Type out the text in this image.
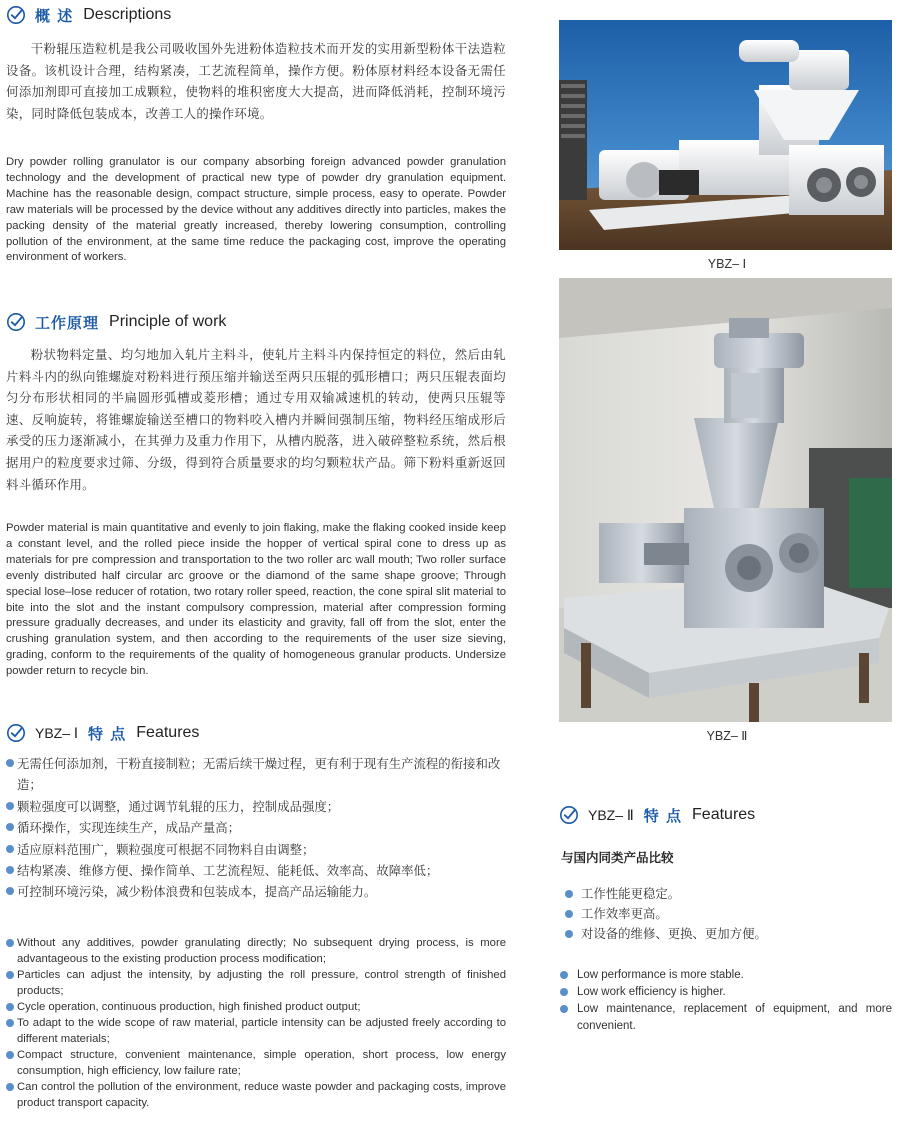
概 述 Descriptions

干粉辊压造粒机是我公司吸收国外先进粉体造粒技术而开发的实用新型粉体干法造粒设备。该机设计合理，结构紧凑，工艺流程简单，操作方便。粉体原材料经本设备无需任何添加剂即可直接加工成颗粒，使物料的堆积密度大大提高，进而降低消耗，控制环境污染，同时降低包装成本，改善工人的操作环境。

Dry powder rolling granulator is our company absorbing foreign advanced powder granulation technology and the development of practical new type of powder dry granulation equipment. Machine has the reasonable design, compact structure, simple process, easy to operate. Powder raw materials will be processed by the device without any additives directly into particles, makes the packing density of the material greatly increased, thereby lowering consumption, controlling pollution of the environment, at the same time reduce the packaging cost, improve the operating environment of workers.

工作原理 Principle of work

粉状物料定量、均匀地加入轧片主料斗，使轧片主料斗内保持恒定的料位，然后由轧片料斗内的纵向锥螺旋对粉料进行预压缩并输送至两只压辊的弧形槽口；两只压辊表面均匀分布形状相同的半扁圆形弧槽或菱形槽；通过专用双输减速机的转动，使两只压辊等速、反响旋转，将锥螺旋输送至槽口的物料咬入槽内并瞬间强制压缩，物料经压缩成形后承受的压力逐渐减小，在其弹力及重力作用下，从槽内脱落，进入破碎整粒系统，然后根据用户的粒度要求过筛、分级，得到符合质量要求的均匀颗粒状产品。筛下粉料重新返回料斗循环作用。

Powder material is main quantitative and evenly to join flaking, make the flaking cooked inside keep a constant level, and the rolled piece inside the hopper of vertical spiral cone to dress up as materials for pre compression and transportation to the two roller arc wall mouth; Two roller surface evenly distributed half circular arc groove or the diamond of the same shape groove; Through special lose–lose reducer of rotation, two rotary roller speed, reaction, the cone spiral slit material to bite into the slot and the instant compulsory compression, material after compression forming pressure gradually decreases, and under its elasticity and gravity, fall off from the slot, enter the crushing granulation system, and then according to the requirements of the user size sieving, grading, conform to the requirements of the quality of homogeneous granular products. Undersize powder return to recycle bin.

YBZ– Ⅰ 特 点 Features
无需任何添加剂，干粉直接制粒；无需后续干燥过程，更有利于现有生产流程的衔接和改造；
颗粒强度可以调整，通过调节轧辊的压力，控制成品强度；
循环操作，实现连续生产，成品产量高；
适应原料范围广，颗粒强度可根据不同物料自由调整；
结构紧凑、维修方便、操作简单、工艺流程短、能耗低、效率高、故障率低；
可控制环境污染，减少粉体浪费和包装成本，提高产品运输能力。
Without any additives, powder granulating directly; No subsequent drying process, is more advantageous to the existing production process modification;
Particles can adjust the intensity, by adjusting the roll pressure, control strength of finished products;
Cycle operation, continuous production, high finished product output;
To adapt to the wide scope of raw material, particle intensity can be adjusted freely according to different materials;
Compact structure, convenient maintenance, simple operation, short process, low energy consumption, high efficiency, low failure rate;
Can control the pollution of the environment, reduce waste powder and packaging costs, improve product transport capacity.
YBZ– Ⅰ
YBZ– Ⅱ
YBZ– Ⅱ 特 点 Features
与国内同类产品比较
工作性能更稳定。
工作效率更高。
对设备的维修、更换、更加方便。
Low performance is more stable.
Low work efficiency is higher.
Low maintenance, replacement of equipment, and more convenient.
